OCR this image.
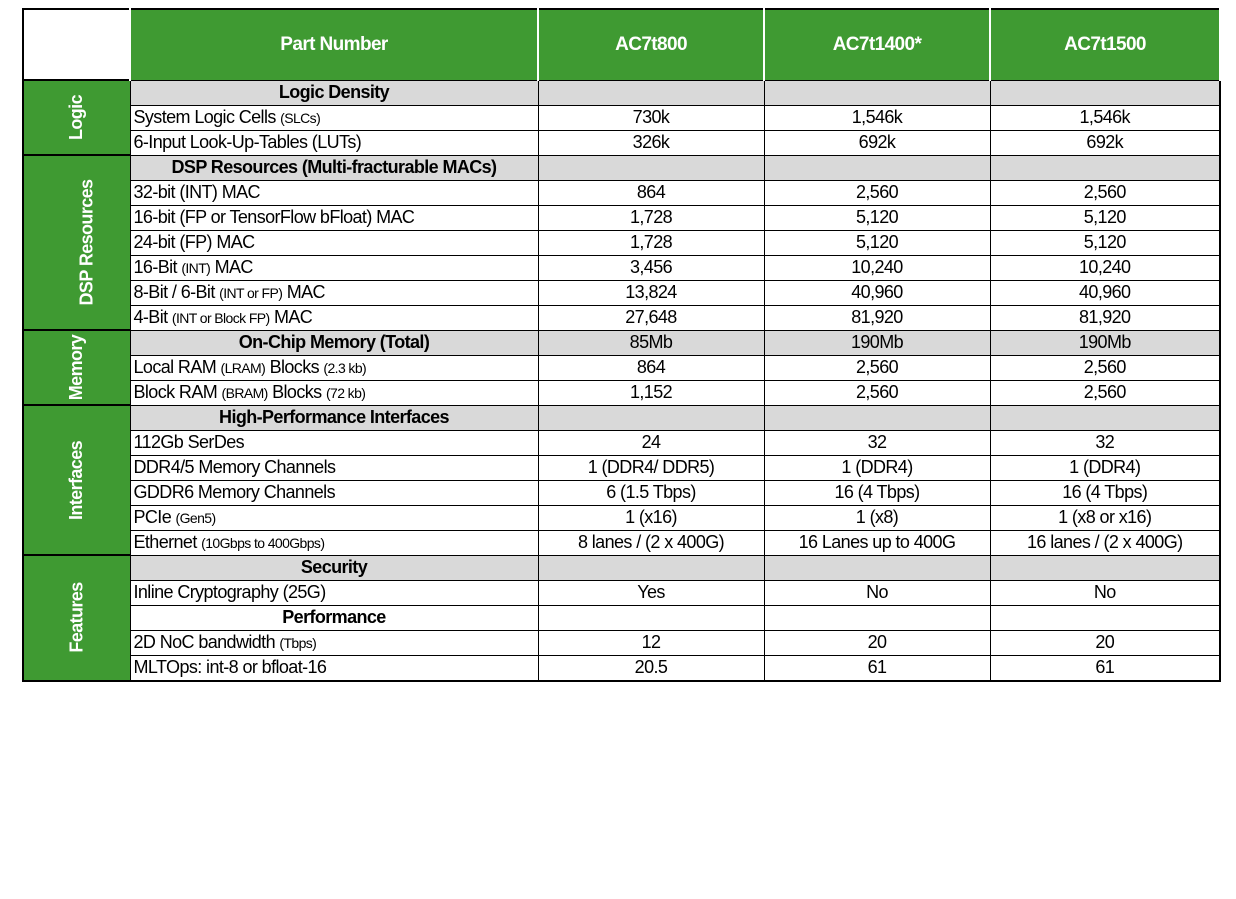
	Part Number	AC7t800	AC7t1400*	AC7t1500
Logic	Logic Density			
	System Logic Cells (SLCs)	730k	1,546k	1,546k
	6-Input Look-Up-Tables (LUTs)	326k	692k	692k
DSP Resources	DSP Resources (Multi-fracturable MACs)			
	32-bit (INT) MAC	864	2,560	2,560
	16-bit (FP or TensorFlow bFloat) MAC	1,728	5,120	5,120
	24-bit (FP) MAC	1,728	5,120	5,120
	16-Bit (INT) MAC	3,456	10,240	10,240
	8-Bit / 6-Bit (INT or FP) MAC	13,824	40,960	40,960
	4-Bit (INT or Block FP) MAC	27,648	81,920	81,920
Memory	On-Chip Memory (Total)	85Mb	190Mb	190Mb
	Local RAM (LRAM) Blocks (2.3 kb)	864	2,560	2,560
	Block RAM (BRAM) Blocks (72 kb)	1,152	2,560	2,560
Interfaces	High-Performance Interfaces			
	112Gb SerDes	24	32	32
	DDR4/5 Memory Channels	1 (DDR4/ DDR5)	1 (DDR4)	1 (DDR4)
	GDDR6 Memory Channels	6 (1.5 Tbps)	16 (4 Tbps)	16 (4 Tbps)
	PCIe (Gen5)	1 (x16)	1 (x8)	1 (x8 or x16)
	Ethernet (10Gbps to 400Gbps)	8 lanes / (2 x 400G)	16 Lanes up to 400G	16 lanes / (2 x 400G)
Features	Security			
	Inline Cryptography (25G)	Yes	No	No
	Performance			
	2D NoC bandwidth (Tbps)	12	20	20
	MLTOps: int-8 or bfloat-16	20.5	61	61
